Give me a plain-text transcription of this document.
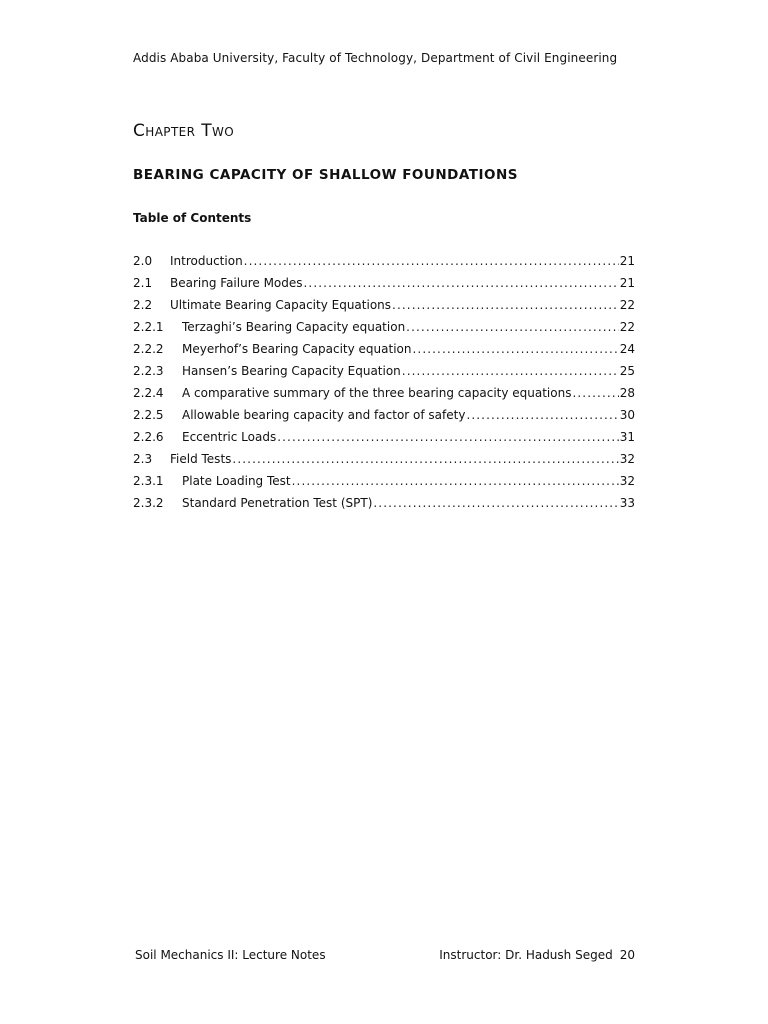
Addis Ababa University, Faculty of Technology, Department of Civil Engineering
Chapter Two
BEARING CAPACITY OF SHALLOW FOUNDATIONS
Table of Contents
2.0	Introduction .....	21
2.1	Bearing Failure Modes .....	21
2.2	Ultimate Bearing Capacity Equations .....	22
2.2.1	Terzaghi’s Bearing Capacity equation .....	22
2.2.2	Meyerhof’s Bearing Capacity equation .....	24
2.2.3	Hansen’s Bearing Capacity Equation .....	25
2.2.4	A comparative summary of the three bearing capacity equations .....	28
2.2.5	Allowable bearing capacity and factor of safety .....	30
2.2.6	Eccentric Loads .....	31
2.3	Field Tests .....	32
2.3.1	Plate Loading Test .....	32
2.3.2	Standard Penetration Test (SPT) .....	33
Soil Mechanics II: Lecture Notes	Instructor: Dr. Hadush Seged 20
